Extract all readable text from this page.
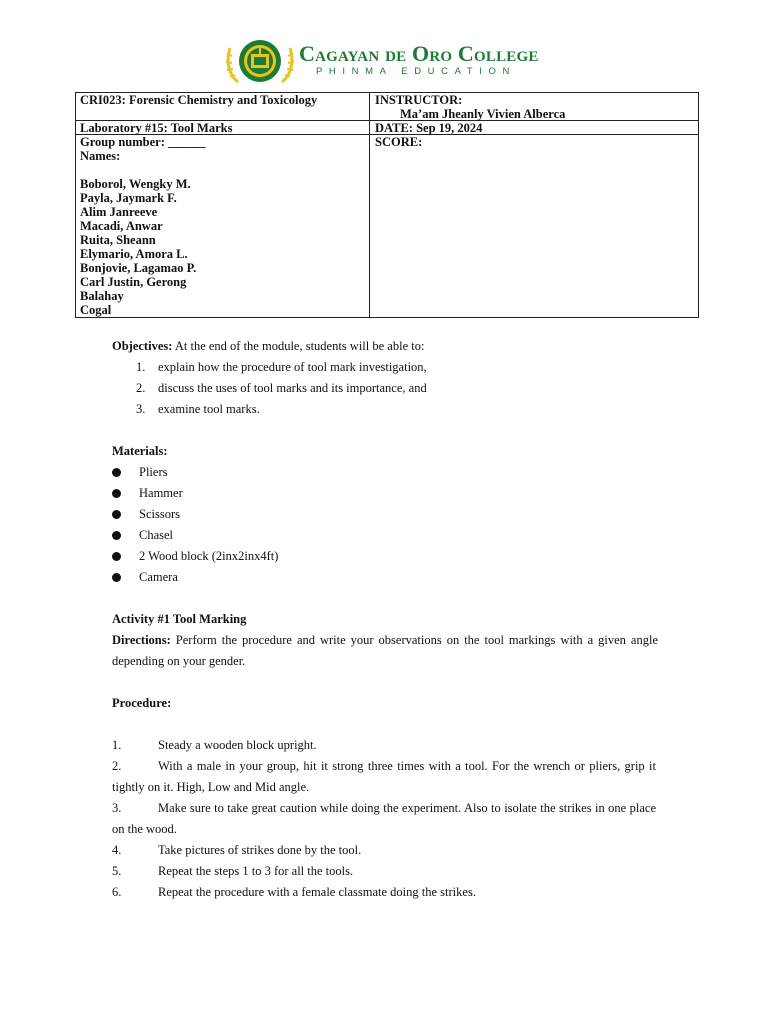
Cagayan de Oro College
PHINMA EDUCATION
CRI023: Forensic Chemistry and Toxicology	INSTRUCTOR:
Ma’am Jheanly Vivien Alberca
Laboratory #15: Tool Marks	DATE: Sep 19, 2024
Group number: ______	SCORE:
Names:
Boborol, Wengky M.
Payla, Jaymark F.
Alim Janreeve
Macadi, Anwar
Ruita, Sheann
Elymario, Amora L.
Bonjovie, Lagamao P.
Carl Justin, Gerong
Balahay
Cogal
Objectives: At the end of the module, students will be able to:
1. explain how the procedure of tool mark investigation,
2. discuss the uses of tool marks and its importance, and
3. examine tool marks.
Materials:
Pliers
Hammer
Scissors
Chasel
2 Wood block (2inx2inx4ft)
Camera
Activity #1 Tool Marking
Directions: Perform the procedure and write your observations on the tool markings with a given angle depending on your gender.
Procedure:
1.	Steady a wooden block upright.
2.	With a male in your group, hit it strong three times with a tool. For the wrench or pliers, grip it tightly on it. High, Low and Mid angle.
3.	Make sure to take great caution while doing the experiment. Also to isolate the strikes in one place on the wood.
4.	Take pictures of strikes done by the tool.
5.	Repeat the steps 1 to 3 for all the tools.
6.	Repeat the procedure with a female classmate doing the strikes.
